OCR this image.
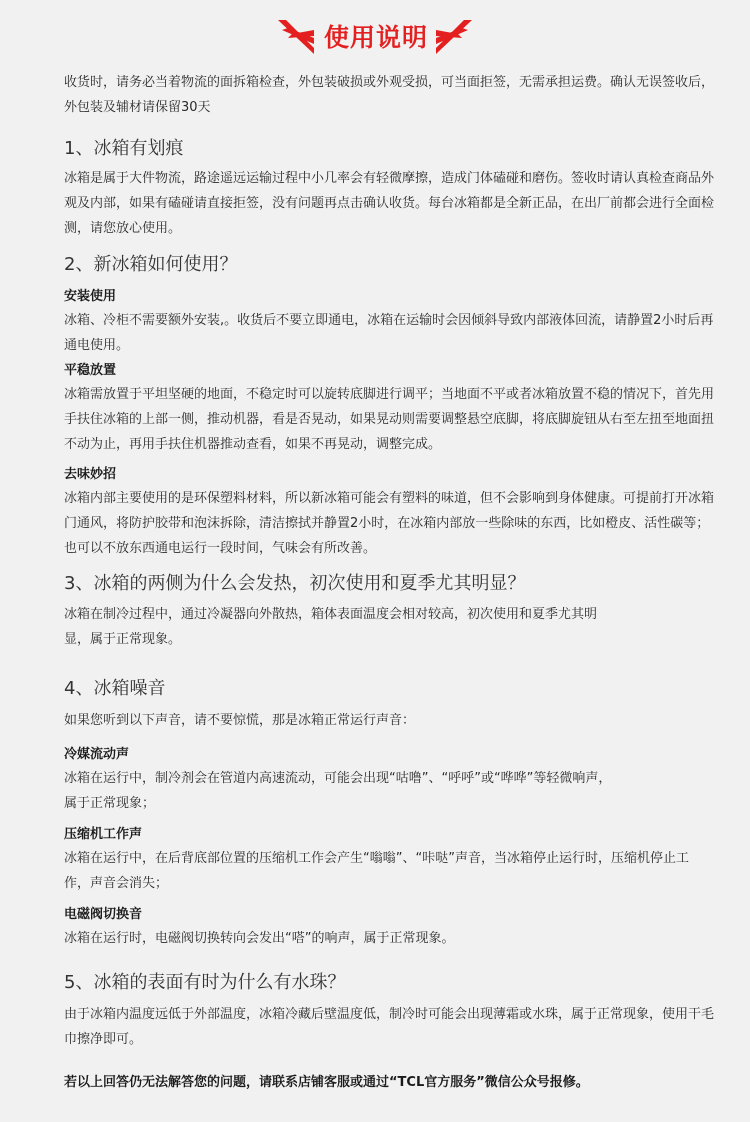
使用说明

收货时，请务必当着物流的面拆箱检查，外包装破损或外观受损，可当面拒签，无需承担运费。确认无误签收后，外包装及辅材请保留30天

1、冰箱有划痕

冰箱是属于大件物流，路途遥远运输过程中小几率会有轻微摩擦，造成门体磕碰和磨伤。签收时请认真检查商品外观及内部，如果有磕碰请直接拒签，没有问题再点击确认收货。每台冰箱都是全新正品，在出厂前都会进行全面检测，请您放心使用。

2、新冰箱如何使用？

安装使用

冰箱、冷柜不需要额外安装,。收货后不要立即通电，冰箱在运输时会因倾斜导致内部液体回流，请静置2小时后再通电使用。

平稳放置

冰箱需放置于平坦坚硬的地面，不稳定时可以旋转底脚进行调平；当地面不平或者冰箱放置不稳的情况下，首先用手扶住冰箱的上部一侧，推动机器，看是否晃动，如果晃动则需要调整悬空底脚，将底脚旋钮从右至左扭至地面扭不动为止，再用手扶住机器推动查看，如果不再晃动，调整完成。

去味妙招

冰箱内部主要使用的是环保塑料材料，所以新冰箱可能会有塑料的味道，但不会影响到身体健康。可提前打开冰箱门通风，将防护胶带和泡沫拆除，清洁擦拭并静置2小时，在冰箱内部放一些除味的东西，比如橙皮、活性碳等；也可以不放东西通电运行一段时间，气味会有所改善。

3、冰箱的两侧为什么会发热，初次使用和夏季尤其明显？

冰箱在制冷过程中，通过冷凝器向外散热，箱体表面温度会相对较高，初次使用和夏季尤其明

显，属于正常现象。

4、冰箱噪音

如果您听到以下声音，请不要惊慌，那是冰箱正常运行声音：

冷媒流动声

冰箱在运行中，制冷剂会在管道内高速流动，可能会出现“咕噜”、“呼呼”或“哗哗”等轻微响声，

属于正常现象；

压缩机工作声

冰箱在运行中，在后背底部位置的压缩机工作会产生“嗡嗡”、“咔哒”声音，当冰箱停止运行时，压缩机停止工作，声音会消失；

电磁阀切换音

冰箱在运行时，电磁阀切换转向会发出“嗒”的响声，属于正常现象。

5、冰箱的表面有时为什么有水珠？

由于冰箱内温度远低于外部温度，冰箱冷藏后壁温度低，制冷时可能会出现薄霜或水珠，属于正常现象，使用干毛巾擦净即可。

若以上回答仍无法解答您的问题，请联系店铺客服或通过“TCL官方服务”微信公众号报修。
